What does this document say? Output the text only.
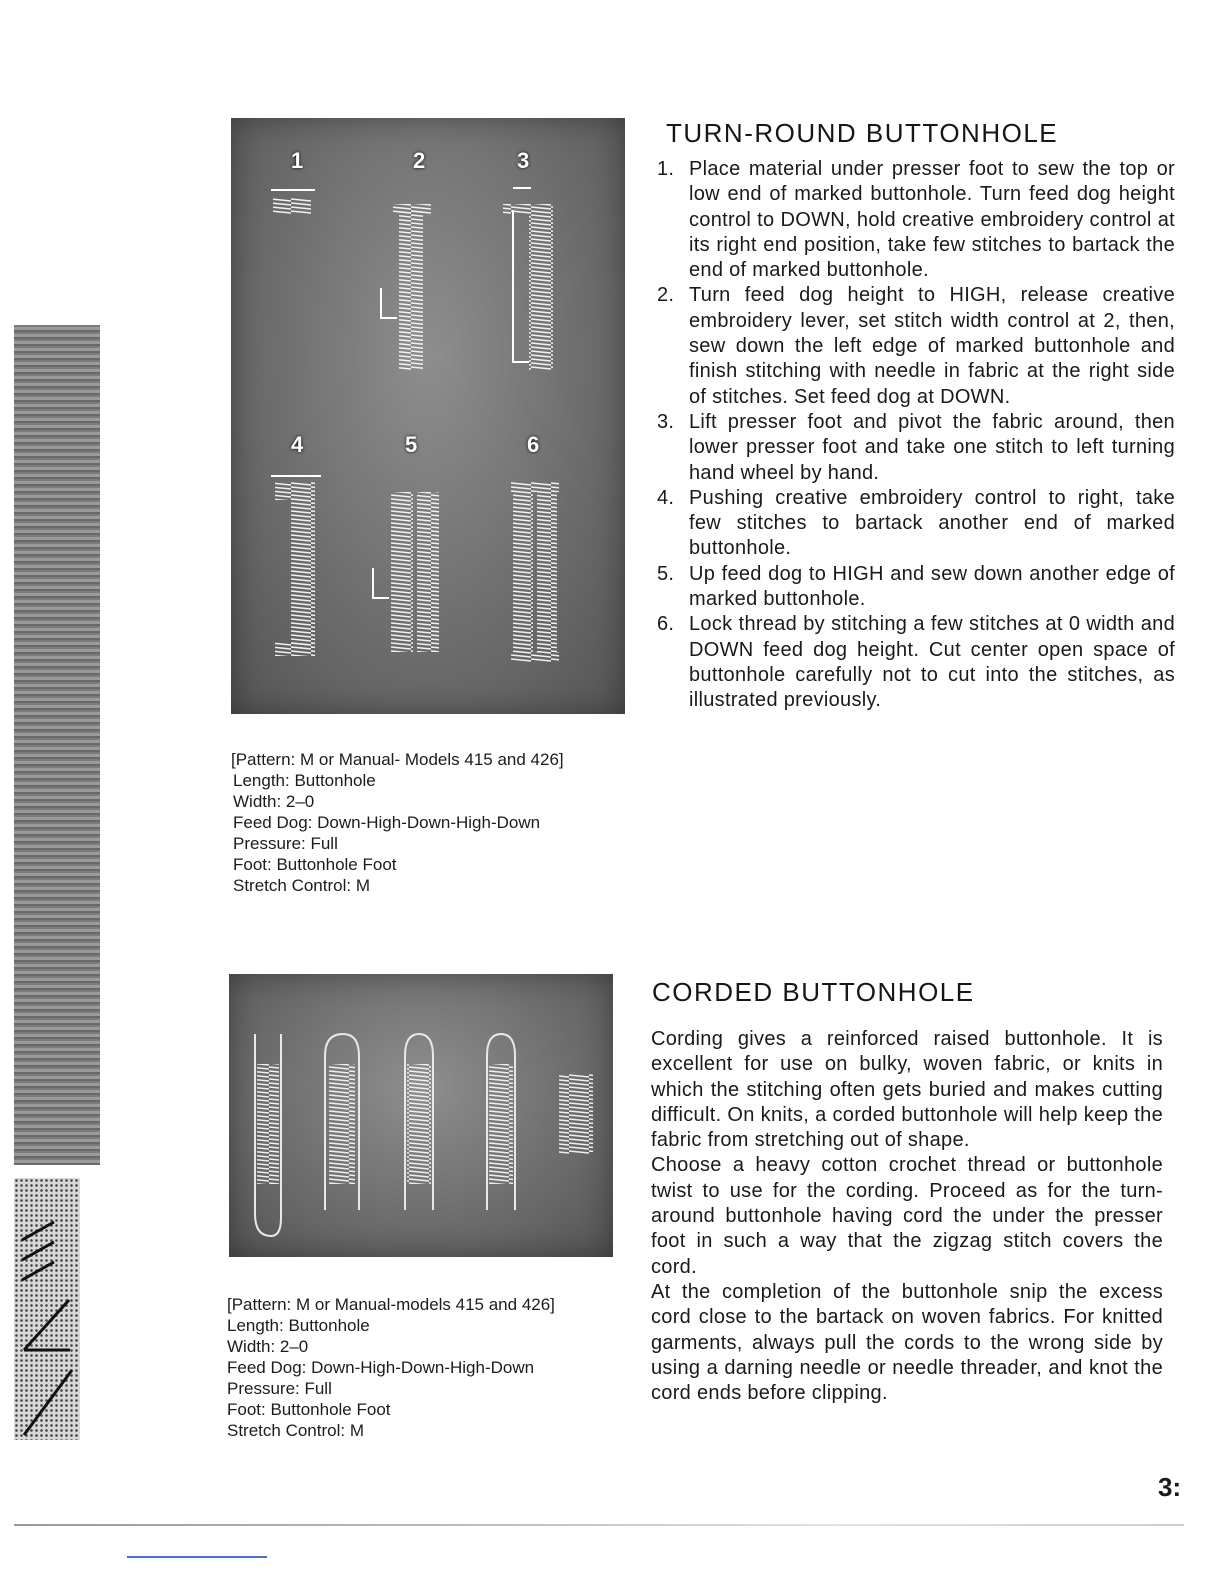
1	2	3
4	5	6
[Pattern: M or Manual- Models 415 and 426]
Length: Buttonhole
Width: 2–0
Feed Dog: Down-High-Down-High-Down
Pressure: Full
Foot: Buttonhole Foot
Stretch Control: M
TURN-ROUND BUTTONHOLE
1. Place material under presser foot to sew the top or low end of marked buttonhole. Turn feed dog height control to DOWN, hold creative embroidery control at its right end position, take few stitches to bartack the end of marked buttonhole.
2. Turn feed dog height to HIGH, release creative embroidery lever, set stitch width control at 2, then, sew down the left edge of marked buttonhole and finish stitching with needle in fabric at the right side of stitches. Set feed dog at DOWN.
3. Lift presser foot and pivot the fabric around, then lower presser foot and take one stitch to left turning hand wheel by hand.
4. Pushing creative embroidery control to right, take few stitches to bartack another end of marked buttonhole.
5. Up feed dog to HIGH and sew down another edge of marked buttonhole.
6. Lock thread by stitching a few stitches at 0 width and DOWN feed dog height. Cut center open space of buttonhole carefully not to cut into the stitches, as illustrated previously.
[Pattern: M or Manual-models 415 and 426]
Length: Buttonhole
Width: 2–0
Feed Dog: Down-High-Down-High-Down
Pressure: Full
Foot: Buttonhole Foot
Stretch Control: M
CORDED BUTTONHOLE

Cording gives a reinforced raised buttonhole. It is excellent for use on bulky, woven fabric, or knits in which the stitching often gets buried and makes cutting difficult. On knits, a corded buttonhole will help keep the fabric from stretching out of shape.

Choose a heavy cotton crochet thread or buttonhole twist to use for the cording. Proceed as for the turn-around buttonhole having cord the under the presser foot in such a way that the zigzag stitch covers the cord.

At the completion of the buttonhole snip the excess cord close to the bartack on woven fabrics. For knitted garments, always pull the cords to the wrong side by using a darning needle or needle threader, and knot the cord ends before clipping.

3:
